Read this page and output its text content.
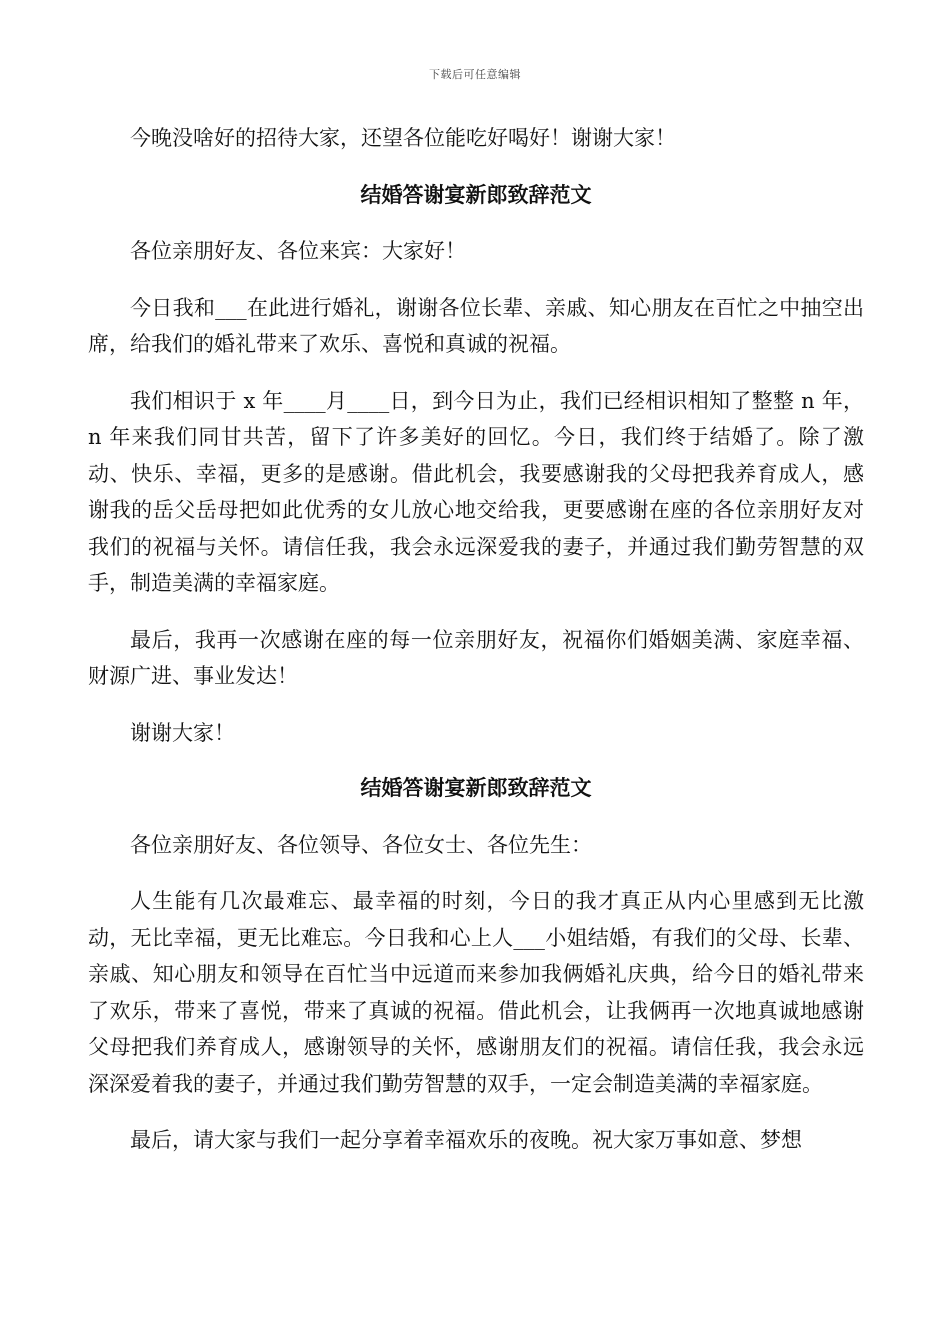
下载后可任意编辑

今晚没啥好的招待大家，还望各位能吃好喝好！谢谢大家！

结婚答谢宴新郎致辞范文

各位亲朋好友、各位来宾：大家好！

今日我和___在此进行婚礼，谢谢各位长辈、亲戚、知心朋友在百忙之中抽空出席，给我们的婚礼带来了欢乐、喜悦和真诚的祝福。

我们相识于 x 年____月____日，到今日为止，我们已经相识相知了整整 n 年，n 年来我们同甘共苦，留下了许多美好的回忆。今日，我们终于结婚了。除了激动、快乐、幸福，更多的是感谢。借此机会，我要感谢我的父母把我养育成人，感谢我的岳父岳母把如此优秀的女儿放心地交给我，更要感谢在座的各位亲朋好友对我们的祝福与关怀。请信任我，我会永远深爱我的妻子，并通过我们勤劳智慧的双手，制造美满的幸福家庭。

最后，我再一次感谢在座的每一位亲朋好友，祝福你们婚姻美满、家庭幸福、财源广进、事业发达！

谢谢大家！

结婚答谢宴新郎致辞范文

各位亲朋好友、各位领导、各位女士、各位先生：

人生能有几次最难忘、最幸福的时刻，今日的我才真正从内心里感到无比激动，无比幸福，更无比难忘。今日我和心上人___小姐结婚，有我们的父母、长辈、亲戚、知心朋友和领导在百忙当中远道而来参加我俩婚礼庆典，给今日的婚礼带来了欢乐，带来了喜悦，带来了真诚的祝福。借此机会，让我俩再一次地真诚地感谢父母把我们养育成人，感谢领导的关怀，感谢朋友们的祝福。请信任我，我会永远深深爱着我的妻子，并通过我们勤劳智慧的双手，一定会制造美满的幸福家庭。

最后，请大家与我们一起分享着幸福欢乐的夜晚。祝大家万事如意、梦想
